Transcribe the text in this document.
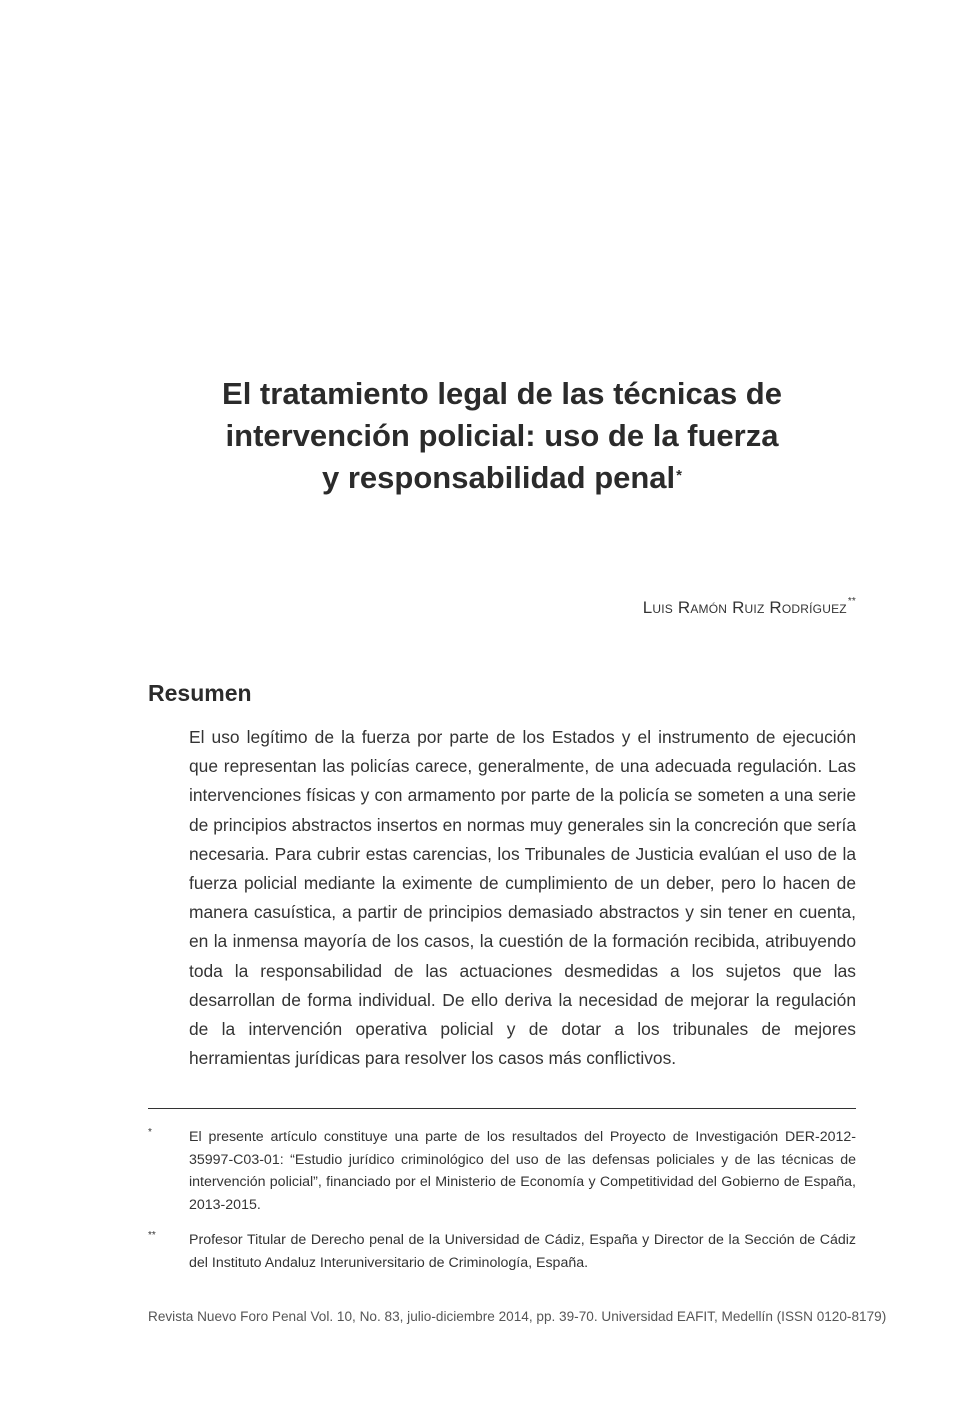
El tratamiento legal de las técnicas de
intervención policial: uso de la fuerza
y responsabilidad penal*
Luis Ramón Ruiz Rodríguez**
Resumen

El uso legítimo de la fuerza por parte de los Estados y el instrumento de ejecución que representan las policías carece, generalmente, de una adecuada regulación. Las intervenciones físicas y con armamento por parte de la policía se someten a una serie de principios abstractos insertos en normas muy generales sin la concreción que sería necesaria. Para cubrir estas carencias, los Tribunales de Justicia evalúan el uso de la fuerza policial mediante la eximente de cumplimiento de un deber, pero lo hacen de manera casuística, a partir de principios demasiado abstractos y sin tener en cuenta, en la inmensa mayoría de los casos, la cuestión de la formación recibida, atribuyendo toda la responsabilidad de las actuaciones desmedidas a los sujetos que las desarrollan de forma individual. De ello deriva la necesidad de mejorar la regulación de la intervención operativa policial y de dotar a los tribunales de mejores herramientas jurídicas para resolver los casos más conflictivos.

*	El presente artículo constituye una parte de los resultados del Proyecto de Investigación DER-2012-35997-C03-01: “Estudio jurídico criminológico del uso de las defensas policiales y de las técnicas de intervención policial”, financiado por el Ministerio de Economía y Competitividad del Gobierno de España, 2013-2015.
** Profesor Titular de Derecho penal de la Universidad de Cádiz, España y Director de la Sección de Cádiz del Instituto Andaluz Interuniversitario de Criminología, España.
Revista Nuevo Foro Penal Vol. 10, No. 83, julio-diciembre 2014, pp. 39-70. Universidad EAFIT, Medellín (ISSN 0120-8179)
